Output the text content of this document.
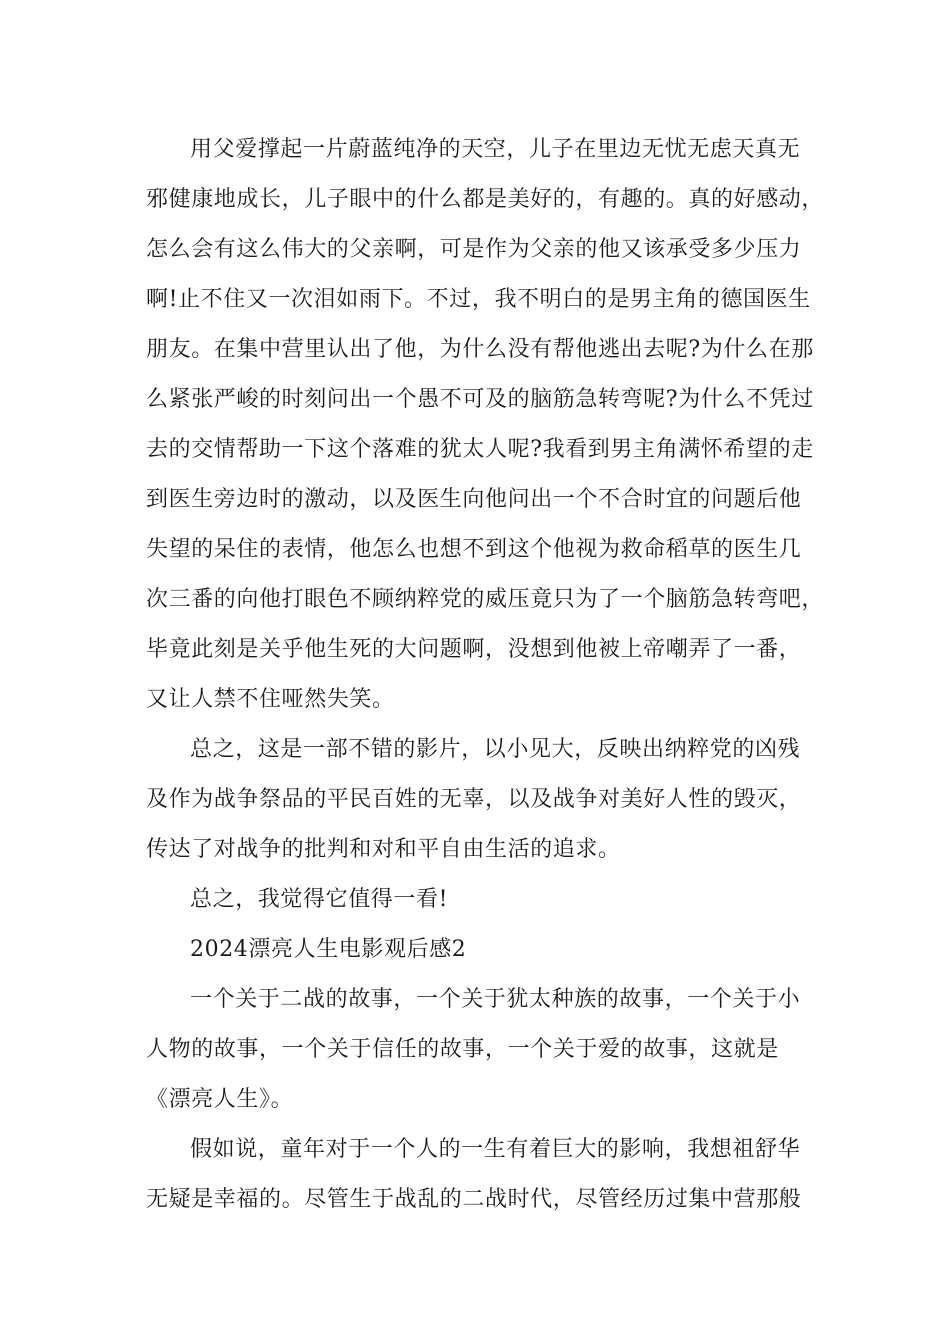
用父爱撑起一片蔚蓝纯净的天空，儿子在里边无忧无虑天真无
邪健康地成长，儿子眼中的什么都是美好的，有趣的。真的好感动，
怎么会有这么伟大的父亲啊，可是作为父亲的他又该承受多少压力
啊!止不住又一次泪如雨下。不过，我不明白的是男主角的德国医生
朋友。在集中营里认出了他，为什么没有帮他逃出去呢?为什么在那
么紧张严峻的时刻问出一个愚不可及的脑筋急转弯呢?为什么不凭过
去的交情帮助一下这个落难的犹太人呢?我看到男主角满怀希望的走
到医生旁边时的激动，以及医生向他问出一个不合时宜的问题后他
失望的呆住的表情，他怎么也想不到这个他视为救命稻草的医生几
次三番的向他打眼色不顾纳粹党的威压竟只为了一个脑筋急转弯吧，
毕竟此刻是关乎他生死的大问题啊，没想到他被上帝嘲弄了一番，
又让人禁不住哑然失笑。
总之，这是一部不错的影片，以小见大，反映出纳粹党的凶残
及作为战争祭品的平民百姓的无辜，以及战争对美好人性的毁灭，
传达了对战争的批判和对和平自由生活的追求。
总之，我觉得它值得一看!
2024漂亮人生电影观后感2
一个关于二战的故事，一个关于犹太种族的故事，一个关于小
人物的故事，一个关于信任的故事，一个关于爱的故事，这就是
《漂亮人生》。
假如说，童年对于一个人的一生有着巨大的影响，我想祖舒华
无疑是幸福的。尽管生于战乱的二战时代，尽管经历过集中营那般
